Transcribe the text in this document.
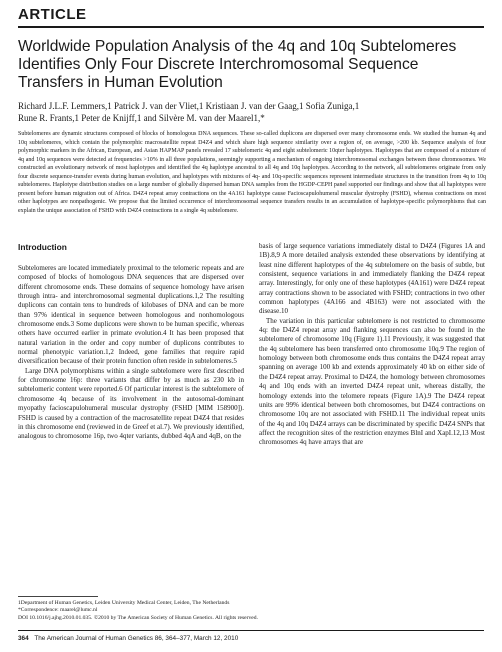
ARTICLE
Worldwide Population Analysis of the 4q and 10q Subtelomeres Identifies Only Four Discrete Interchromosomal Sequence Transfers in Human Evolution
Richard J.L.F. Lemmers,1 Patrick J. van der Vliet,1 Kristiaan J. van der Gaag,1 Sofia Zuniga,1
Rune R. Frants,1 Peter de Knijff,1 and Silvère M. van der Maarel1,*

Subtelomeres are dynamic structures composed of blocks of homologous DNA sequences. These so-called duplicons are dispersed over many chromosome ends. We studied the human 4q and 10q subtelomeres, which contain the polymorphic macrosatellite repeat D4Z4 and which share high sequence similarity over a region of, on average, >200 kb. Sequence analysis of four polymorphic markers in the African, European, and Asian HAPMAP panels revealed 17 subtelomeric 4q and eight subtelomeric 10qter haplotypes. Haplotypes that are composed of a mixture of 4q and 10q sequences were detected at frequencies >10% in all three populations, seemingly supporting a mechanism of ongoing interchromosomal exchanges between these chromosomes. We constructed an evolutionary network of most haplotypes and identified the 4q haplotype ancestral to all 4q and 10q haplotypes. According to the network, all subtelomeres originate from only four discrete sequence-transfer events during human evolution, and haplotypes with mixtures of 4q- and 10q-specific sequences represent intermediate structures in the transition from 4q to 10q subtelomeres. Haplotype distribution studies on a large number of globally dispersed human DNA samples from the HGDP-CEPH panel supported our findings and show that all haplotypes were present before human migration out of Africa. D4Z4 repeat array contractions on the 4A161 haplotype cause Facioscapulohumeral muscular dystrophy (FSHD), whereas contractions on most other haplotypes are nonpathogenic. We propose that the limited occurrence of interchromosomal sequence transfers results in an accumulation of haplotype-specific polymorphisms that can explain the unique association of FSHD with D4Z4 contractions in a single 4q subtelomere.

Introduction

Subtelomeres are located immediately proximal to the telomeric repeats and are composed of blocks of homologous DNA sequences that are dispersed over different chromosome ends. These domains of sequence homology have arisen through intra- and interchromosomal segmental duplications.1,2 The resulting duplicons can contain tens to hundreds of kilobases of DNA and can be more than 97% identical in sequence between homologous and nonhomologous chromosome ends.3 Some duplicons were shown to be human specific, whereas others have occurred earlier in primate evolution.4 It has been proposed that natural variation in the order and copy number of duplicons contributes to normal phenotypic variation.1,2 Indeed, gene families that require rapid diversification because of their protein function often reside in subtelomeres.5

Large DNA polymorphisms within a single subtelomere were first described for chromosome 16p: three variants that differ by as much as 230 kb in subtelomeric content were reported.6 Of particular interest is the subtelomere of chromosome 4q because of its involvement in the autosomal-dominant myopathy facioscapulohumeral muscular dystrophy (FSHD [MIM 158900]). FSHD is caused by a contraction of the macrosatellite repeat D4Z4 that resides in this chromosome end (reviewed in de Greef et al.7). We previously identified, analogous to chromosome 16p, two 4qter variants, dubbed 4qA and 4qB, on the

basis of large sequence variations immediately distal to D4Z4 (Figures 1A and 1B).8,9 A more detailed analysis extended these observations by identifying at least nine different haplotypes of the 4q subtelomere on the basis of subtle, but consistent, sequence variations in and immediately flanking the D4Z4 repeat array. Interestingly, for only one of these haplotypes (4A161) were D4Z4 repeat array contractions shown to be associated with FSHD; contractions in two other common haplotypes (4A166 and 4B163) were not associated with the disease.10

The variation in this particular subtelomere is not restricted to chromosome 4q: the D4Z4 repeat array and flanking sequences can also be found in the subtelomere of chromosome 10q (Figure 1).11 Previously, it was suggested that the 4q subtelomere has been transferred onto chromosome 10q.9 The region of homology between both chromosome ends thus contains the D4Z4 repeat array spanning on average 100 kb and extends approximately 40 kb on either side of the D4Z4 repeat array. Proximal to D4Z4, the homology between chromosomes 4q and 10q ends with an inverted D4Z4 repeat unit, whereas distally, the homology extends into the telomere repeats (Figure 1A).9 The D4Z4 repeat units are 99% identical between both chromosomes, but D4Z4 contractions on chromosome 10q are not associated with FSHD.11 The individual repeat units of the 4q and 10q D4Z4 arrays can be discriminated by specific D4Z4 SNPs that affect the recognition sites of the restriction enzymes BlnI and XapI.12,13 Most chromosomes 4q have arrays that are

1Department of Human Genetics, Leiden University Medical Center, Leiden, The Netherlands
*Correspondence: maarel@lumc.nl
DOI 10.1016/j.ajhg.2010.01.035. ©2010 by The American Society of Human Genetics. All rights reserved.
364 The American Journal of Human Genetics 86, 364–377, March 12, 2010
